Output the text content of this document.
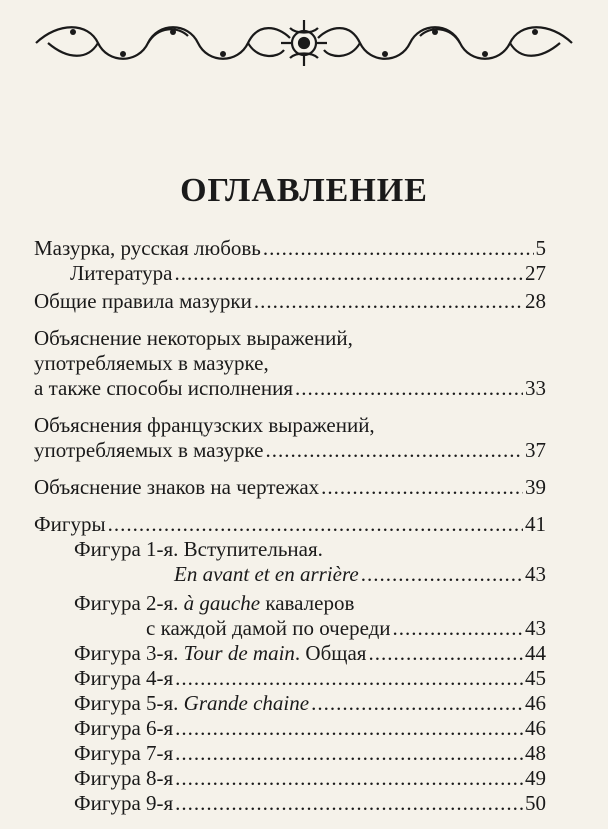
ОГЛАВЛЕНИЕ
Мазурка, русская любовь .....	5
Литература .....	27
Общие правила мазурки .....	28
Объяснение некоторых выражений,
употребляемых в мазурке,
а также способы исполнения .....	33
Объяснения французских выражений,
употребляемых в мазурке .....	37
Объяснение знаков на чертежах .....	39
Фигуры .....	41
Фигура 1-я. Вступительная.
En avant et en arrière .....	43
Фигура 2-я. à gauche кавалеров
с каждой дамой по очереди .....	43
Фигура 3-я. Tour de main. Общая .....	44
Фигура 4-я .....	45
Фигура 5-я. Grande chaine .....	46
Фигура 6-я .....	46
Фигура 7-я .....	48
Фигура 8-я .....	49
Фигура 9-я .....	50
